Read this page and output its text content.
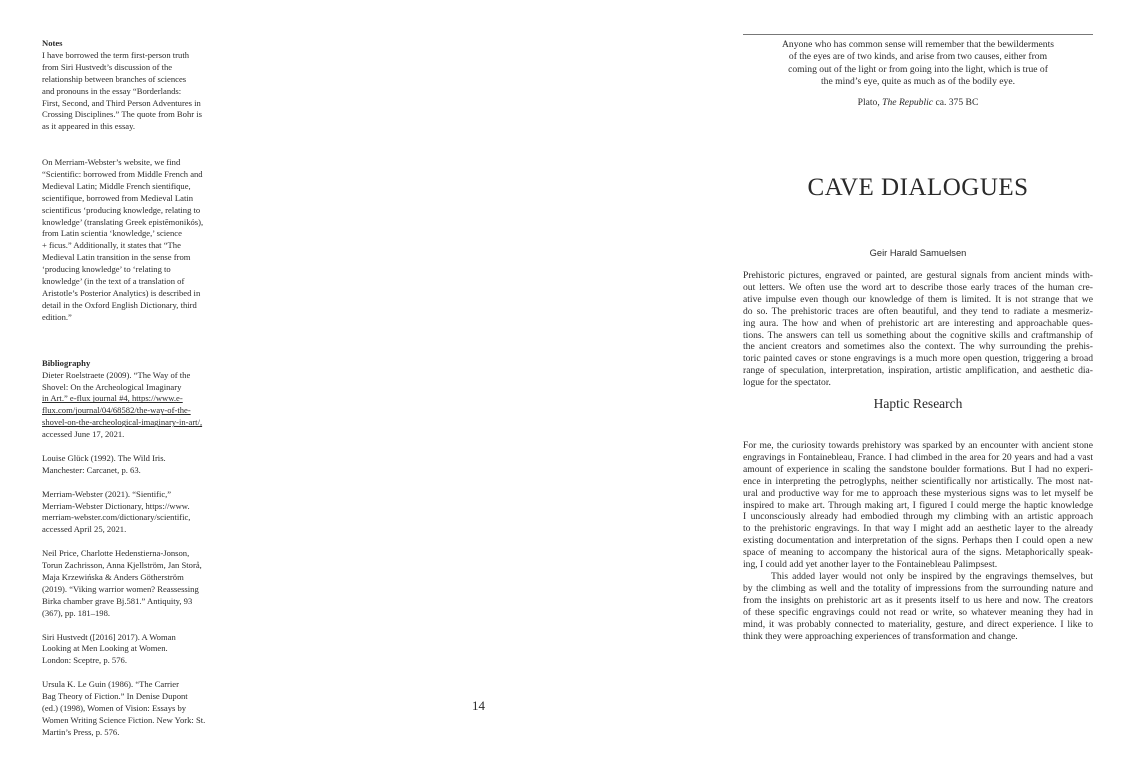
Notes

I have borrowed the term first-person truth
from Siri Hustvedt’s discussion of the
relationship between branches of sciences
and pronouns in the essay “Borderlands:
First, Second, and Third Person Adventures in
Crossing Disciplines.” The quote from Bohr is
as it appeared in this essay.
On Merriam-Webster’s website, we find
“Scientific: borrowed from Middle French and
Medieval Latin; Middle French sientifique,
scientifique, borrowed from Medieval Latin
scientificus ‘producing knowledge, relating to
knowledge’ (translating Greek epistēmonikós),
from Latin scientia ‘knowledge,’ science
+ ficus.” Additionally, it states that “The
Medieval Latin transition in the sense from
‘producing knowledge’ to ‘relating to
knowledge’ (in the text of a translation of
Aristotle’s Posterior Analytics) is described in
detail in the Oxford English Dictionary, third
edition.”

Bibliography

Dieter Roelstraete (2009). “The Way of the
Shovel: On the Archeological Imaginary
in Art.” e-flux journal #4, https://www.e-
flux.com/journal/04/68582/the-way-of-the-
shovel-on-the-archeological-imaginary-in-art/,
accessed June 17, 2021.
Louise Glück (1992). The Wild Iris.
Manchester: Carcanet, p. 63.
Merriam-Webster (2021). “Sientific,”
Merriam-Webster Dictionary, https://www.
merriam-webster.com/dictionary/scientific,
accessed April 25, 2021.
Neil Price, Charlotte Hedenstierna-Jonson,
Torun Zachrisson, Anna Kjellström, Jan Storå,
Maja Krzewińska & Anders Götherström
(2019). “Viking warrior women? Reassessing
Birka chamber grave Bj.581.” Antiquity, 93
(367), pp. 181–198.
Siri Hustvedt ([2016] 2017). A Woman
Looking at Men Looking at Women.
London: Sceptre, p. 576.
Ursula K. Le Guin (1986). “The Carrier
Bag Theory of Fiction.” In Denise Dupont
(ed.) (1998), Women of Vision: Essays by
Women Writing Science Fiction. New York: St.
Martin’s Press, p. 576.
14
Anyone who has common sense will remember that the bewilderments
of the eyes are of two kinds, and arise from two causes, either from
coming out of the light or from going into the light, which is true of
the mind’s eye, quite as much as of the bodily eye.
Plato, The Republic ca. 375 BC
CAVE DIALOGUES
Geir Harald Samuelsen
Prehistoric pictures, engraved or painted, are gestural signals from ancient minds with-
out letters. We often use the word art to describe those early traces of the human cre-
ative impulse even though our knowledge of them is limited. It is not strange that we
do so. The prehistoric traces are often beautiful, and they tend to radiate a mesmeriz-
ing aura. The how and when of prehistoric art are interesting and approachable ques-
tions. The answers can tell us something about the cognitive skills and craftmanship of
the ancient creators and sometimes also the context. The why surrounding the prehis-
toric painted caves or stone engravings is a much more open question, triggering a broad
range of speculation, interpretation, inspiration, artistic amplification, and aesthetic dia-
logue for the spectator.
Haptic Research
For me, the curiosity towards prehistory was sparked by an encounter with ancient stone
engravings in Fontainebleau, France. I had climbed in the area for 20 years and had a vast
amount of experience in scaling the sandstone boulder formations. But I had no experi-
ence in interpreting the petroglyphs, neither scientifically nor artistically. The most nat-
ural and productive way for me to approach these mysterious signs was to let myself be
inspired to make art. Through making art, I figured I could merge the haptic knowledge
I unconsciously already had embodied through my climbing with an artistic approach
to the prehistoric engravings. In that way I might add an aesthetic layer to the already
existing documentation and interpretation of the signs. Perhaps then I could open a new
space of meaning to accompany the historical aura of the signs. Metaphorically speak-
ing, I could add yet another layer to the Fontainebleau Palimpsest.
This added layer would not only be inspired by the engravings themselves, but
by the climbing as well and the totality of impressions from the surrounding nature and
from the insights on prehistoric art as it presents itself to us here and now. The creators
of these specific engravings could not read or write, so whatever meaning they had in
mind, it was probably connected to materiality, gesture, and direct experience. I like to
think they were approaching experiences of transformation and change.
